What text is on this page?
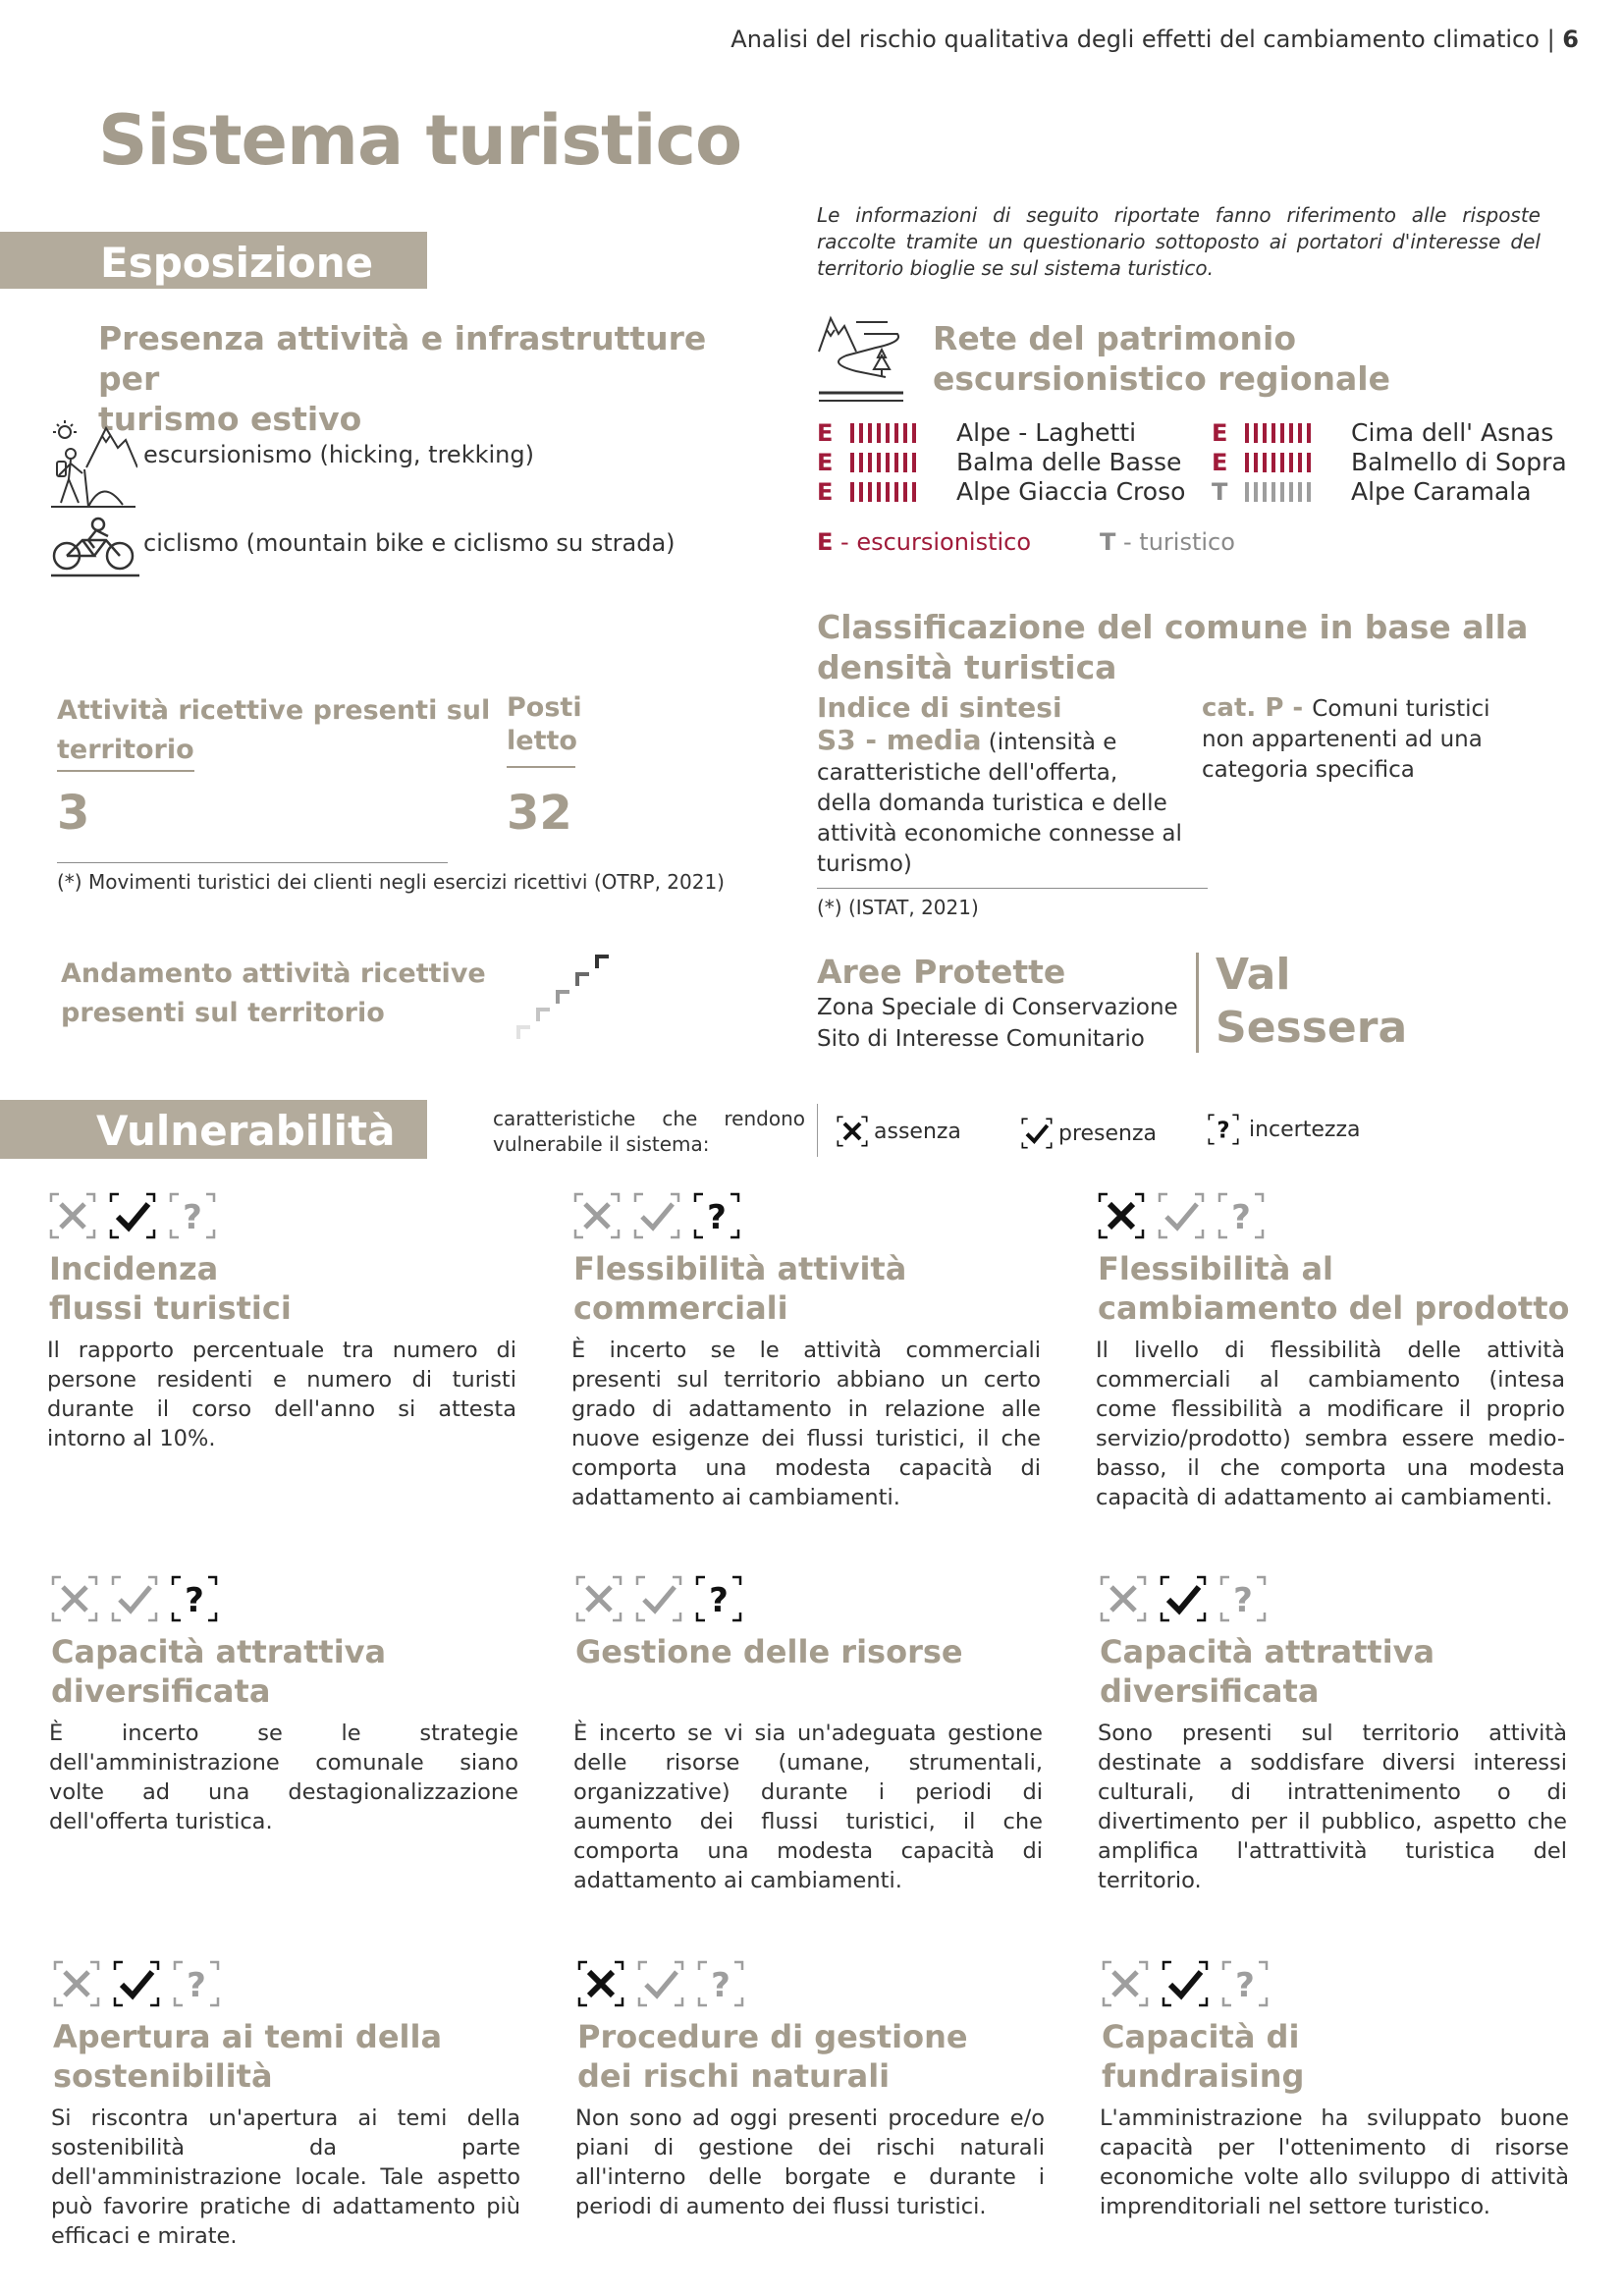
Analisi del rischio qualitativa degli effetti del cambiamento climatico | 6
Sistema turistico
Le informazioni di seguito riportate fanno riferimento alle risposte raccolte tramite un questionario sottoposto ai portatori d'interesse del territorio bioglie se sul sistema turistico.
Esposizione
Presenza attività e infrastrutture per
turismo estivo
escursionismo (hicking, trekking)
ciclismo (mountain bike e ciclismo su strada)
Rete del patrimonio
escursionistico regionale
E	Alpe - Laghetti
E	Balma delle Basse
E	Alpe Giaccia Croso
E	Cima dell' Asnas
E	Balmello di Sopra
T	Alpe Caramala
E - escursionistico	T - turistico
Classificazione del comune in base alla
densità turistica
Indice di sintesi
S3 - media (intensità e
caratteristiche dell'offerta,
della domanda turistica e delle
attività economiche connesse al
turismo)
(*) (ISTAT, 2021)
cat. P - Comuni turistici
non appartenenti ad una
categoria specifica
Attività ricettive presenti sul
territorio
3
Posti
letto
32
(*) Movimenti turistici dei clienti negli esercizi ricettivi (OTRP, 2021)
Andamento attività ricettive
presenti sul territorio
Aree Protette
Zona Speciale di Conservazione
Sito di Interesse Comunitario
Val
Sessera
Vulnerabilità	caratteristiche che rendono
vulnerabile il sistema:
assenza	presenza ? incertezza
?
Incidenza
flussi turistici
Il rapporto percentuale tra numero di persone residenti e numero di turisti durante il corso dell'anno si attesta intorno al 10%.
?
Flessibilità attività
commerciali
È incerto se le attività commerciali presenti sul territorio abbiano un certo grado di adattamento in relazione alle nuove esigenze dei flussi turistici, il che comporta una modesta capacità di adattamento ai cambiamenti.
?
Flessibilità al
cambiamento del prodotto
Il livello di flessibilità delle attività commerciali al cambiamento (intesa come flessibilità a modificare il proprio servizio/prodotto) sembra essere medio-basso, il che comporta una modesta capacità di adattamento ai cambiamenti.
?
Capacità attrattiva
diversificata
È incerto se le strategie dell'amministrazione comunale siano volte ad una destagionalizzazione dell'offerta turistica.
?
Gestione delle risorse
È incerto se vi sia un'adeguata gestione delle risorse (umane, strumentali, organizzative) durante i periodi di aumento dei flussi turistici, il che comporta una modesta capacità di adattamento ai cambiamenti.
?
Capacità attrattiva
diversificata
Sono presenti sul territorio attività destinate a soddisfare diversi interessi culturali, di intrattenimento o di divertimento per il pubblico, aspetto che amplifica l'attrattività turistica del territorio.
?
Apertura ai temi della
sostenibilità
Si riscontra un'apertura ai temi della sostenibilità da parte dell'amministrazione locale. Tale aspetto può favorire pratiche di adattamento più efficaci e mirate.
?
Procedure di gestione
dei rischi naturali
Non sono ad oggi presenti procedure e/o piani di gestione dei rischi naturali all'interno delle borgate e durante i periodi di aumento dei flussi turistici.
?
Capacità di
fundraising
L'amministrazione ha sviluppato buone capacità per l'ottenimento di risorse economiche volte allo sviluppo di attività imprenditoriali nel settore turistico.
